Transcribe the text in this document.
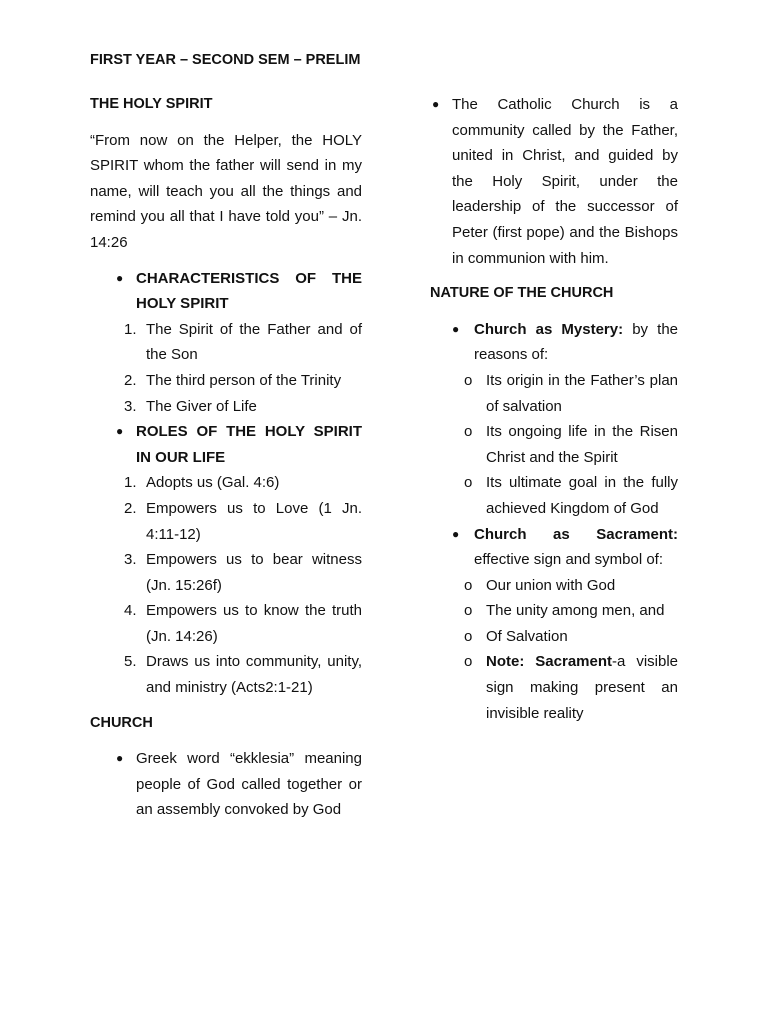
FIRST YEAR – SECOND SEM – PRELIM
THE HOLY SPIRIT

“From now on the Helper, the HOLY SPIRIT whom the father will send in my name, will teach you all the things and remind you all that I have told you” – Jn. 14:26

● CHARACTERISTICS OF THE HOLY SPIRIT
1. The Spirit of the Father and of the Son
2. The third person of the Trinity
3. The Giver of Life
● ROLES OF THE HOLY SPIRIT IN OUR LIFE
1. Adopts us (Gal. 4:6)
2. Empowers us to Love (1 Jn. 4:11-12)
3. Empowers us to bear witness (Jn. 15:26f)
4. Empowers us to know the truth (Jn. 14:26)
5. Draws us into community, unity, and ministry (Acts2:1-21)
CHURCH
● Greek word “ekklesia” meaning people of God called together or an assembly convoked by God
● The Catholic Church is a community called by the Father, united in Christ, and guided by the Holy Spirit, under the leadership of the successor of Peter (first pope) and the Bishops in communion with him.
NATURE OF THE CHURCH
● Church as Mystery: by the reasons of:
o Its origin in the Father’s plan of salvation
o Its ongoing life in the Risen Christ and the Spirit
o Its ultimate goal in the fully achieved Kingdom of God
● Church as Sacrament: effective sign and symbol of:
o Our union with God
o The unity among men, and
o Of Salvation
o Note: Sacrament-a visible sign making present an invisible reality
